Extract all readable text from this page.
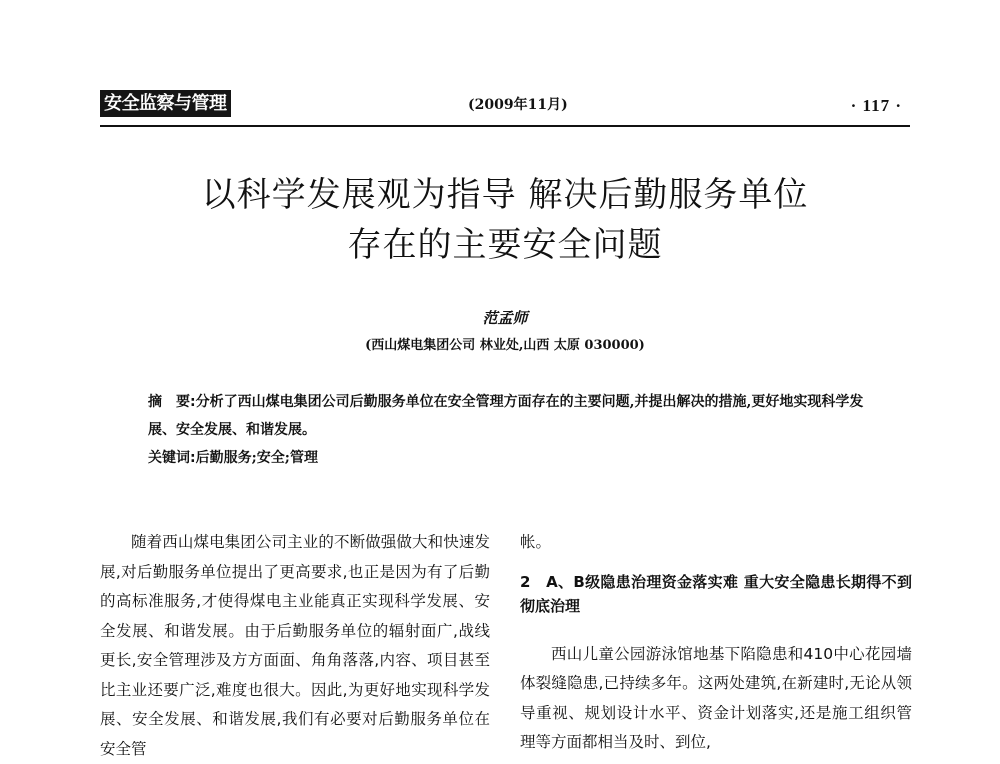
安全监察与管理	(2009年11月)	· 117 ·
以科学发展观为指导 解决后勤服务单位
存在的主要安全问题
范孟师
(西山煤电集团公司 林业处,山西 太原 030000)
摘　要:分析了西山煤电集团公司后勤服务单位在安全管理方面存在的主要问题,并提出解决的措施,更好地实现科学发展、安全发展、和谐发展。
关键词:后勤服务;安全;管理

随着西山煤电集团公司主业的不断做强做大和快速发展,对后勤服务单位提出了更高要求,也正是因为有了后勤的高标准服务,才使得煤电主业能真正实现科学发展、安全发展、和谐发展。由于后勤服务单位的辐射面广,战线更长,安全管理涉及方方面面、角角落落,内容、项目甚至比主业还要广泛,难度也很大。因此,为更好地实现科学发展、安全发展、和谐发展,我们有必要对后勤服务单位在安全管

帐。

2　A、B级隐患治理资金落实难 重大安全隐患长期得不到彻底治理

西山儿童公园游泳馆地基下陷隐患和410中心花园墙体裂缝隐患,已持续多年。这两处建筑,在新建时,无论从领导重视、规划设计水平、资金计划落实,还是施工组织管理等方面都相当及时、到位,
